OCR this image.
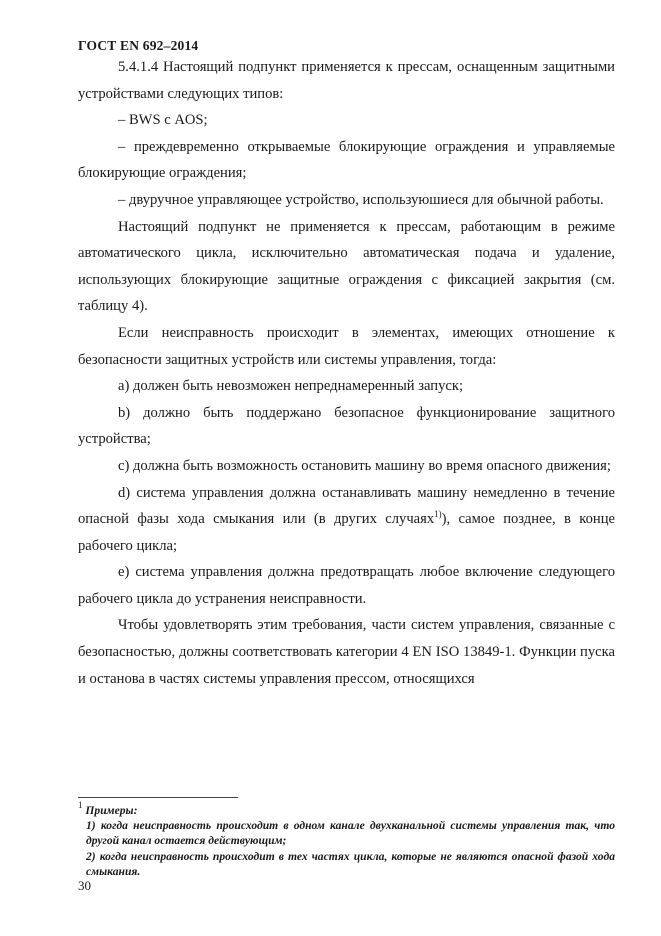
ГОСТ EN 692–2014

5.4.1.4 Настоящий подпункт применяется к прессам, оснащенным защитными устройствами следующих типов:

– BWS с AOS;

– преждевременно открываемые блокирующие ограждения и управляемые блокирующие ограждения;

– двуручное управляющее устройство, используюшиеся для обычной работы.

Настоящий подпункт не применяется к прессам, работающим в режиме автоматического цикла, исключительно автоматическая подача и удаление, использующих блокирующие защитные ограждения с фиксацией закрытия (см. таблицу 4).

Если неисправность происходит в элементах, имеющих отношение к безопасности защитных устройств или системы управления, тогда:

a) должен быть невозможен непреднамеренный запуск;

b) должно быть поддержано безопасное функционирование защитного устройства;

c) должна быть возможность остановить машину во время опасного движения;

d) система управления должна останавливать машину немедленно в течение опасной фазы хода смыкания или (в других случаях$^{1)}$), самое позднее, в конце рабочего цикла;

e) система управления должна предотвращать любое включение следующего рабочего цикла до устранения неисправности.

Чтобы удовлетворять этим требования, части систем управления, связанные с безопасностью, должны соответствовать категории 4 EN ISO 13849-1. Функции пуска и останова в частях системы управления прессом, относящихся

$^1$ Примеры:

1) когда неисправность происходит в одном канале двухканальной системы управления так, что другой канал остается действующим;

2) когда неисправность происходит в тех частях цикла, которые не являются опасной фазой хода смыкания.

30
